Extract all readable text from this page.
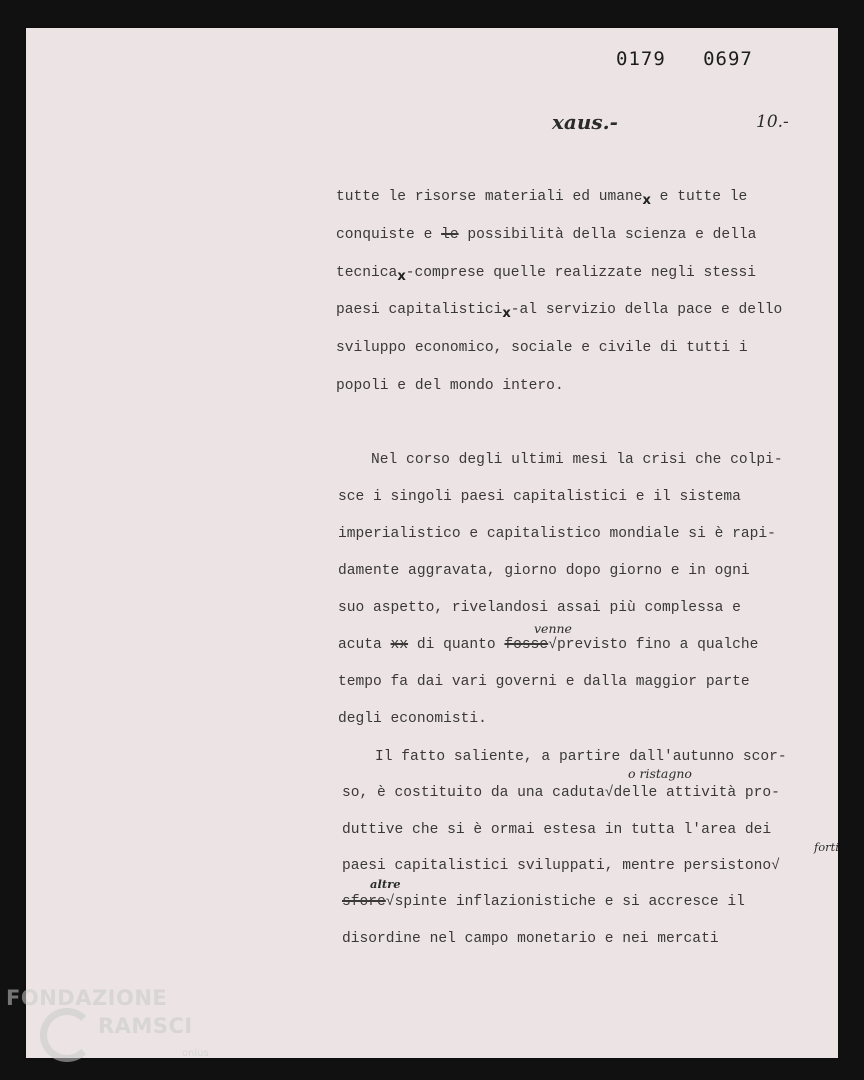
0179   0697
xaus.-	10.-
tutte le risorse materiali ed umanex e tutte le
conquiste e le possibilità della scienza e della
tecnicax-comprese quelle realizzate negli stessi
paesi capitalisticix-al servizio della pace e dello
sviluppo economico, sociale e civile di tutti i
popoli e del mondo intero.
Nel corso degli ultimi mesi la crisi che colpi-
sce i singoli paesi capitalistici e il sistema
imperialistico e capitalistico mondiale si è rapi-
damente aggravata, giorno dopo giorno e in ogni
suo aspetto, rivelandosi assai più complessa e
acuta xx di quanto fosse√previsto fino a qualche
tempo fa dai vari governi e dalla maggior parte
degli economisti.
Il fatto saliente, a partire dall'autunno scor-
so, è costituito da una caduta√delle attività pro-
duttive che si è ormai estesa in tutta l'area dei
paesi capitalistici sviluppati, mentre persistono√
sfore√spinte inflazionistiche e si accresce il
disordine nel campo monetario e nei mercati
venne
o ristagno
forti
altre
FONDAZIONE
RAMSCI
onlus
